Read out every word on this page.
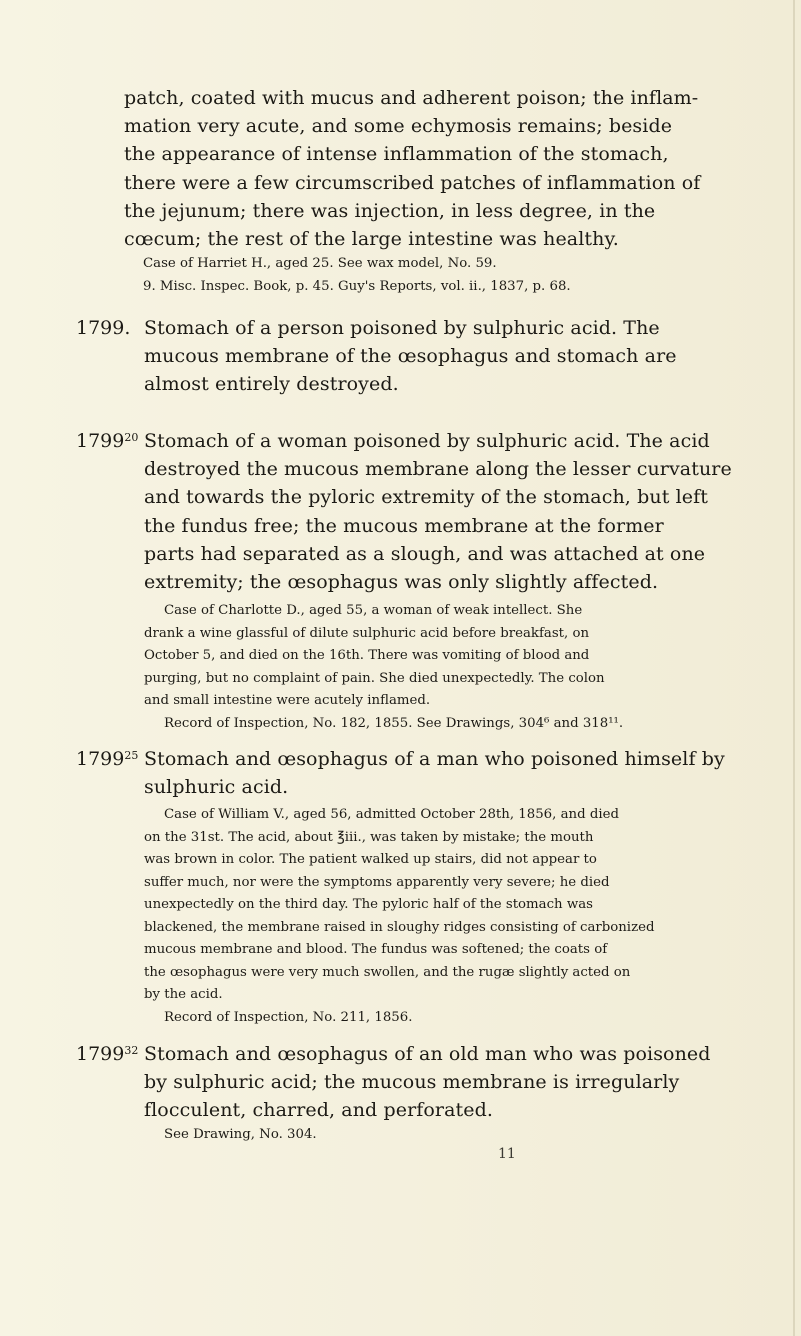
patch, coated with mucus and adherent poison; the inflam-
mation very acute, and some echymosis remains; beside
the appearance of intense inflammation of the stomach,
there were a few circumscribed patches of inflammation of
the jejunum; there was injection, in less degree, in the
cœcum; the rest of the large intestine was healthy.
Case of Harriet H., aged 25. See wax model, No. 59.
9. Misc. Inspec. Book, p. 45. Guy's Reports, vol. ii., 1837, p. 68.
1799. Stomach of a person poisoned by sulphuric acid. The
mucous membrane of the œsophagus and stomach are
almost entirely destroyed.
1799$^{20}$ Stomach of a woman poisoned by sulphuric acid. The acid
destroyed the mucous membrane along the lesser curvature
and towards the pyloric extremity of the stomach, but left
the fundus free; the mucous membrane at the former
parts had separated as a slough, and was attached at one
extremity; the œsophagus was only slightly affected.
Case of Charlotte D., aged 55, a woman of weak intellect. She
drank a wine glassful of dilute sulphuric acid before breakfast, on
October 5, and died on the 16th. There was vomiting of blood and
purging, but no complaint of pain. She died unexpectedly. The colon
and small intestine were acutely inflamed.
Record of Inspection, No. 182, 1855. See Drawings, 304⁶ and 318¹¹.
1799$^{25}$ Stomach and œsophagus of a man who poisoned himself by
sulphuric acid.
Case of William V., aged 56, admitted October 28th, 1856, and died
on the 31st. The acid, about ℥iii., was taken by mistake; the mouth
was brown in color. The patient walked up stairs, did not appear to
suffer much, nor were the symptoms apparently very severe; he died
unexpectedly on the third day. The pyloric half of the stomach was
blackened, the membrane raised in sloughy ridges consisting of carbonized
mucous membrane and blood. The fundus was softened; the coats of
the œsophagus were very much swollen, and the rugæ slightly acted on
by the acid.
Record of Inspection, No. 211, 1856.
1799$^{32}$ Stomach and œsophagus of an old man who was poisoned
by sulphuric acid; the mucous membrane is irregularly
flocculent, charred, and perforated.
See Drawing, No. 304.
11
